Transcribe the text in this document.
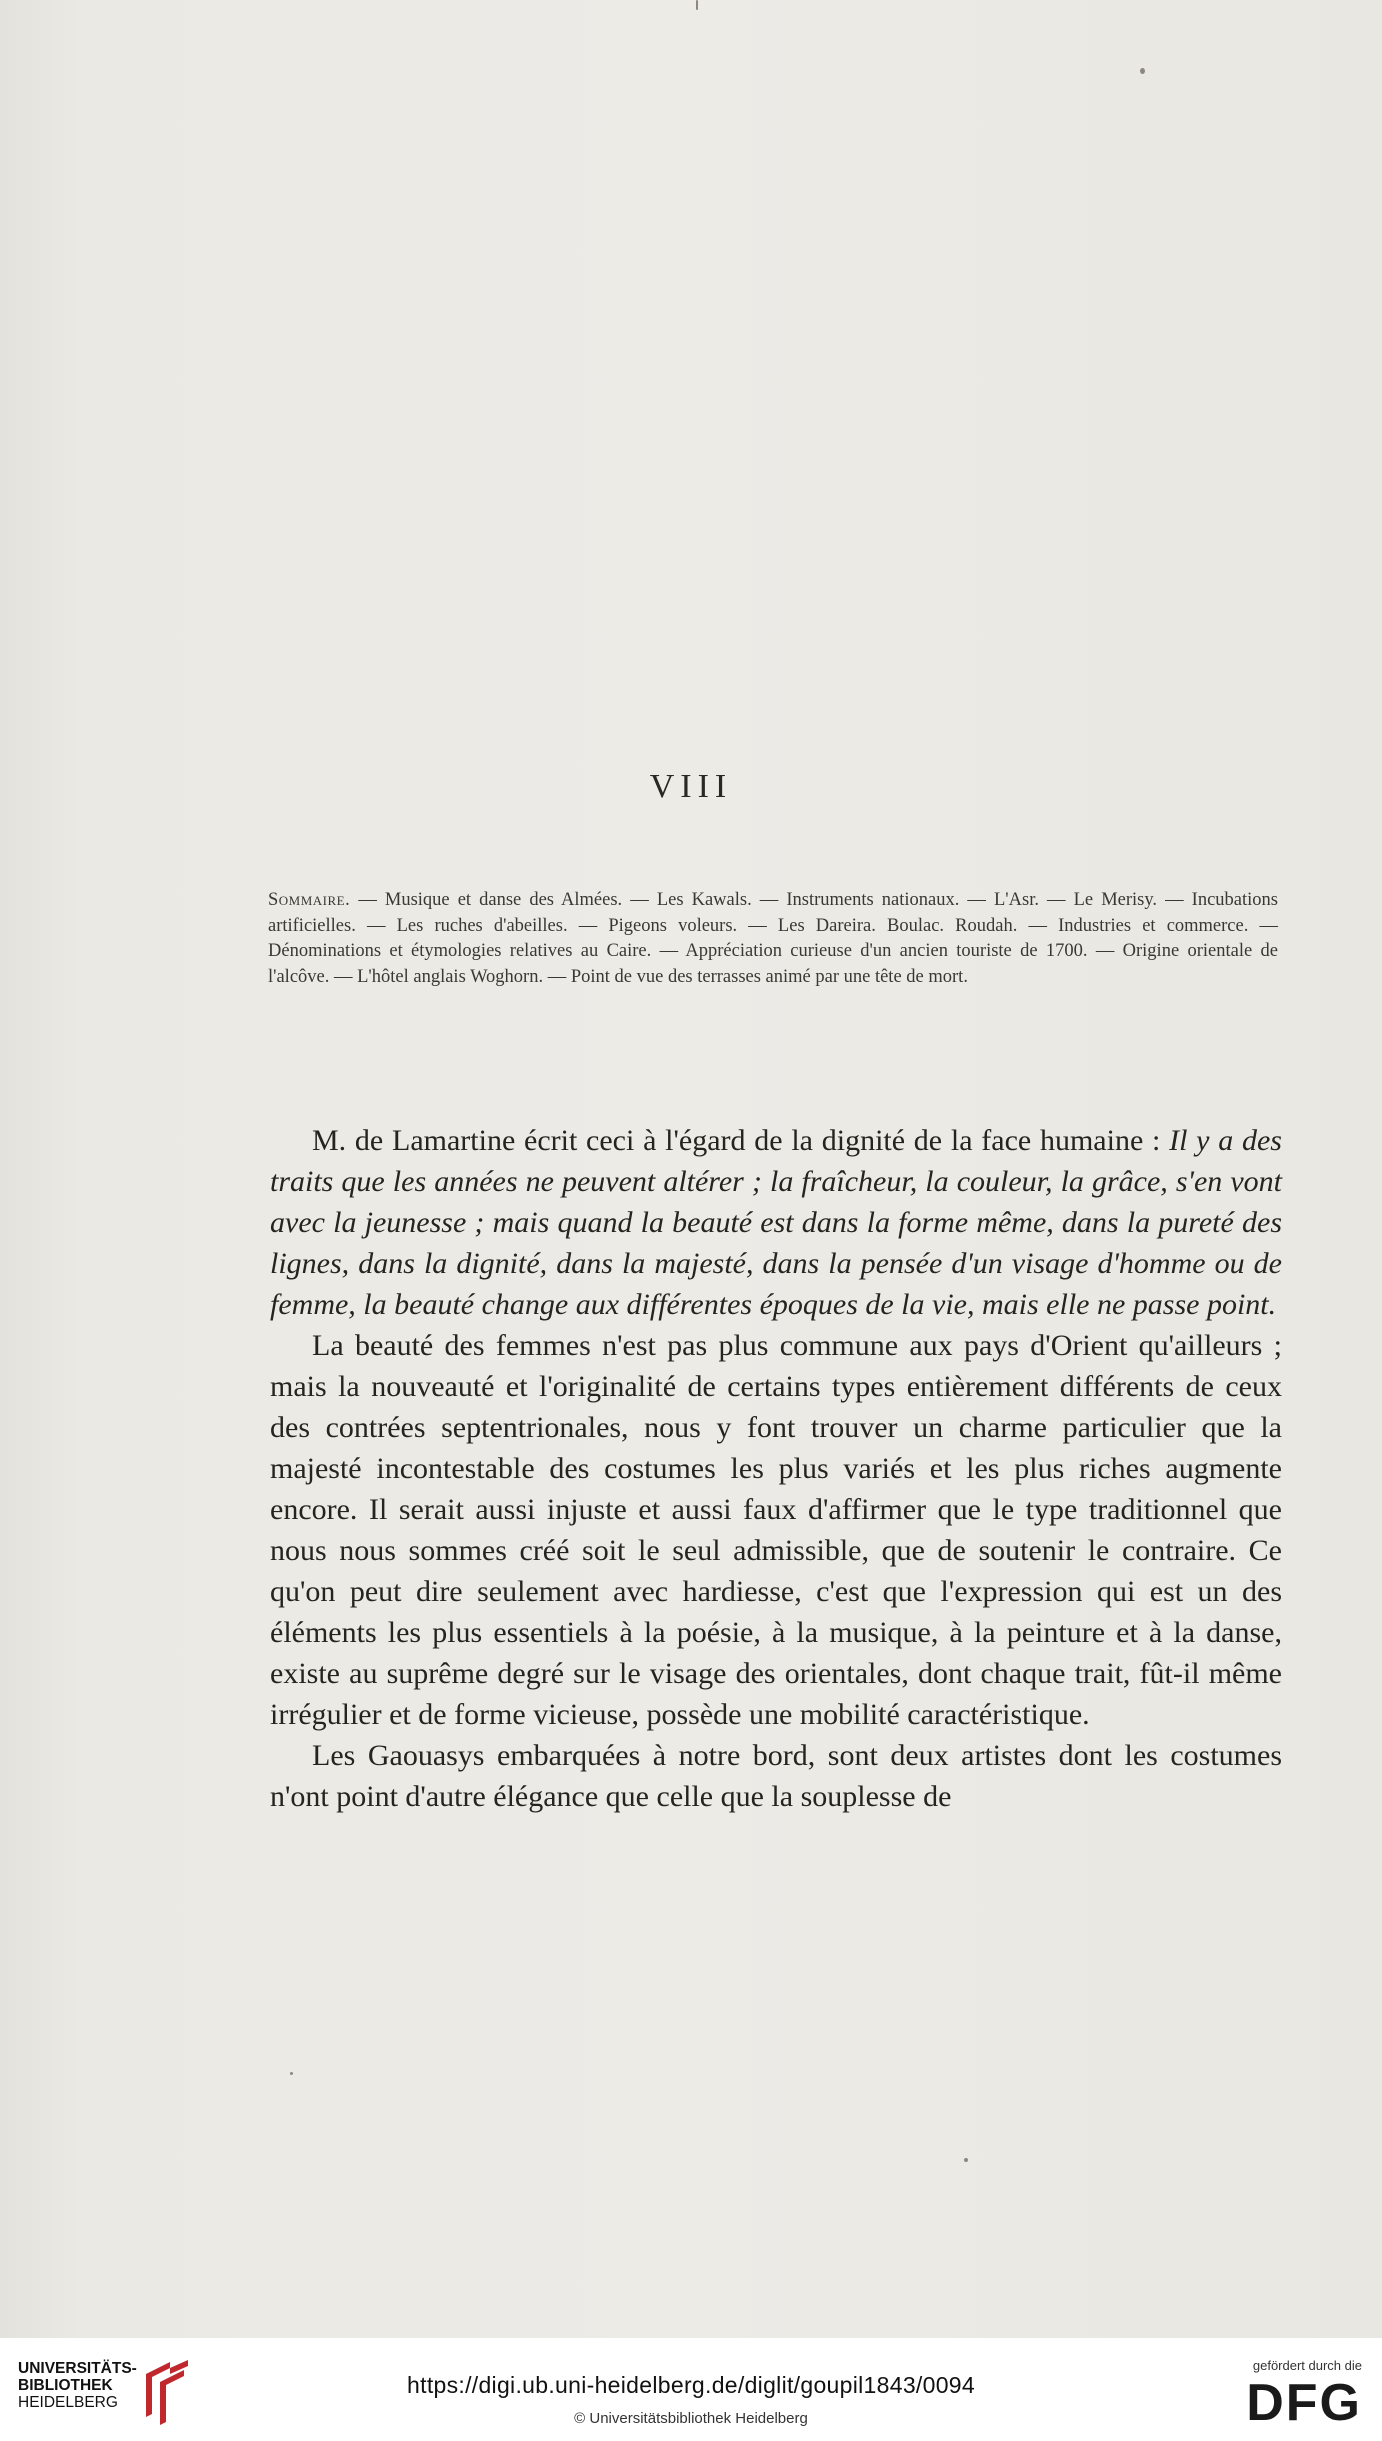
VIII
Sommaire. — Musique et danse des Almées. — Les Kawals. — Instruments nationaux. — L'Asr. — Le Merisy. — Incubations artificielles. — Les ruches d'abeilles. — Pigeons voleurs. — Les Dareira. Boulac. Roudah. — Industries et commerce. — Dénominations et étymologies relatives au Caire. — Appréciation curieuse d'un ancien touriste de 1700. — Origine orientale de l'alcôve. — L'hôtel anglais Woghorn. — Point de vue des terrasses animé par une tête de mort.

M. de Lamartine écrit ceci à l'égard de la dignité de la face humaine : Il y a des traits que les années ne peuvent altérer ; la fraîcheur, la couleur, la grâce, s'en vont avec la jeunesse ; mais quand la beauté est dans la forme même, dans la pureté des lignes, dans la dignité, dans la majesté, dans la pensée d'un visage d'homme ou de femme, la beauté change aux différentes époques de la vie, mais elle ne passe point.

La beauté des femmes n'est pas plus commune aux pays d'Orient qu'ailleurs ; mais la nouveauté et l'originalité de certains types entièrement différents de ceux des contrées septentrionales, nous y font trouver un charme particulier que la majesté incontestable des costumes les plus variés et les plus riches augmente encore. Il serait aussi injuste et aussi faux d'affirmer que le type traditionnel que nous nous sommes créé soit le seul admissible, que de soutenir le contraire. Ce qu'on peut dire seulement avec hardiesse, c'est que l'expression qui est un des éléments les plus essentiels à la poésie, à la musique, à la peinture et à la danse, existe au suprême degré sur le visage des orientales, dont chaque trait, fût-il même irrégulier et de forme vicieuse, possède une mobilité caractéristique.

Les Gaouasys embarquées à notre bord, sont deux artistes dont les costumes n'ont point d'autre élégance que celle que la souplesse de

UNIVERSITÄTS-
BIBLIOTHEK
HEIDELBERG
https://digi.ub.uni-heidelberg.de/diglit/goupil1843/0094
© Universitätsbibliothek Heidelberg
gefördert durch die
DFG
